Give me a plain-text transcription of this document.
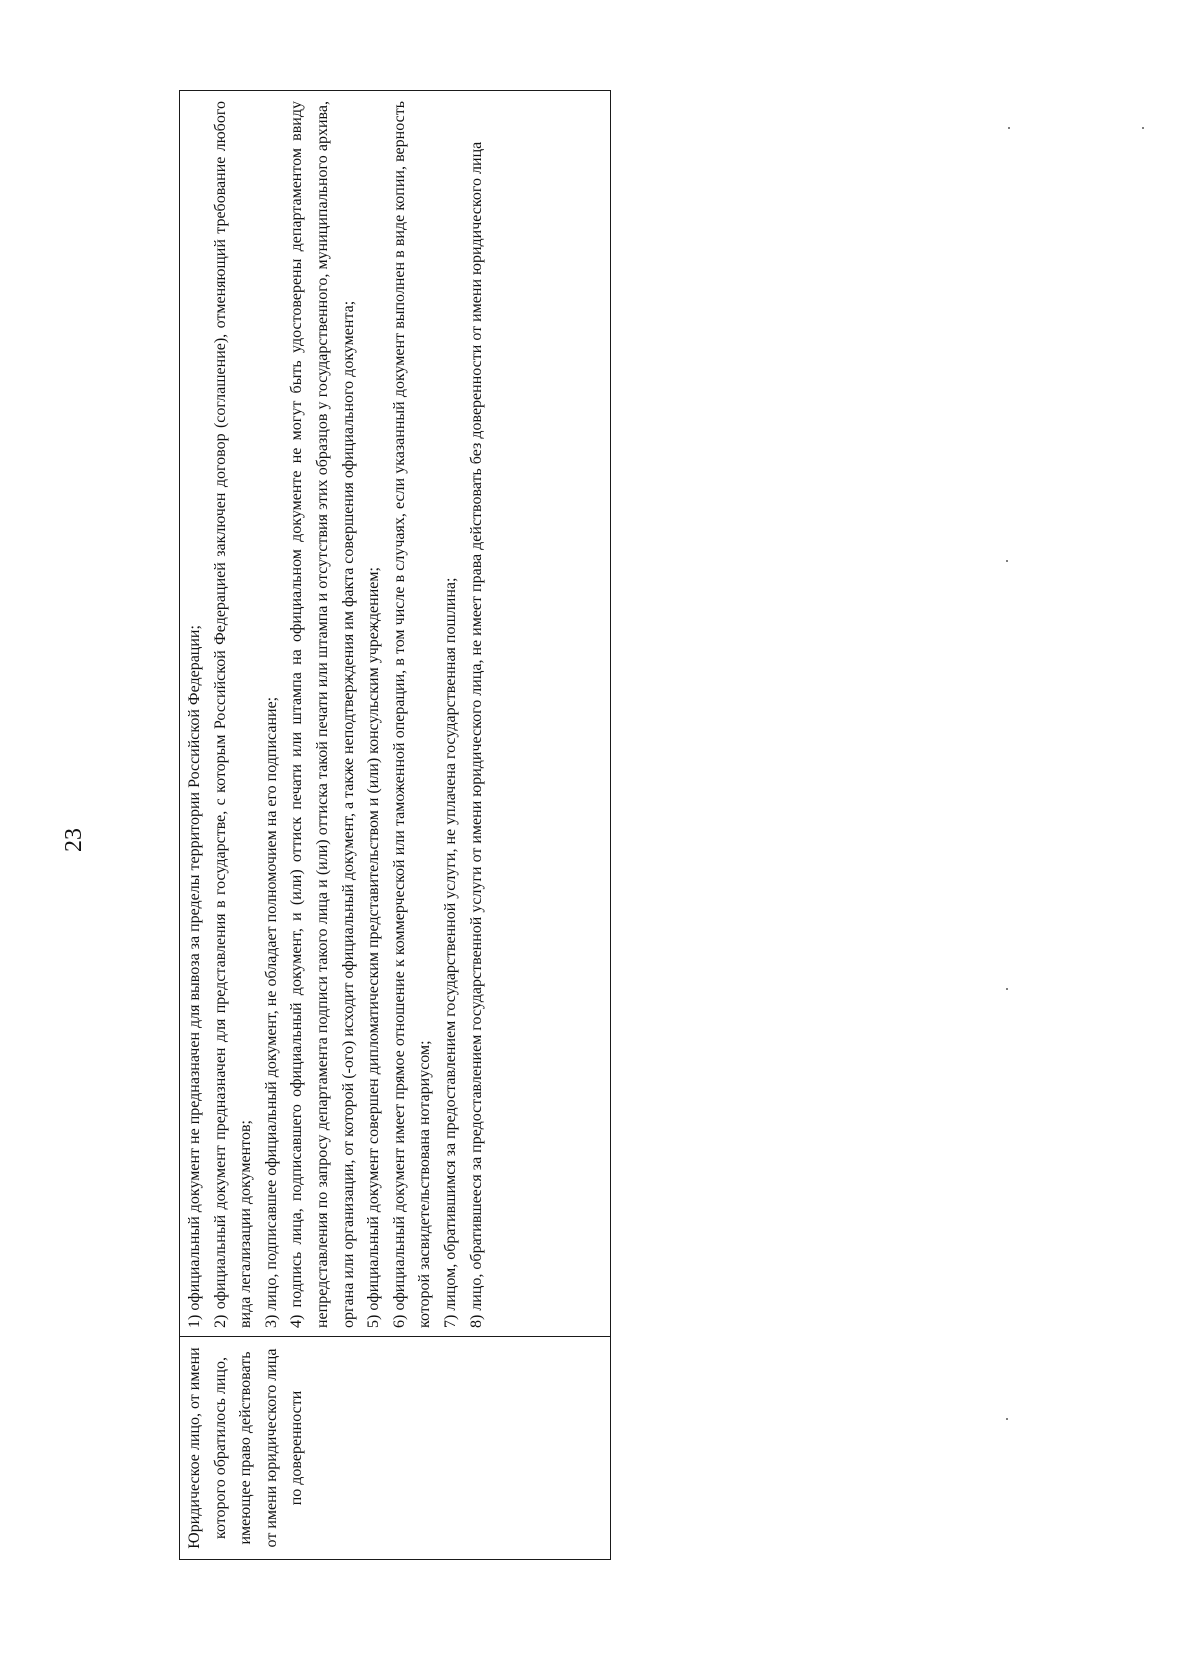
23
Юридическое лицо, от имени которого обратилось лицо, имеющее право действовать от имени юридического лица по доверенности

1) официальный документ не предназначен для вывоза за пределы территории Российской Федерации; 2) официальный документ предназначен для представления в государстве, с которым Российской Федерацией заключен договор (соглашение), отменяющий требование любого вида легализации документов; 3) лицо, подписавшее официальный документ, не обладает полномочием на его подписание; 4) подпись лица, подписавшего официальный документ, и (или) оттиск печати или штампа на официальном документе не могут быть удостоверены департаментом ввиду непредставления по запросу департамента подписи такого лица и (или) оттиска такой печати или штампа и отсутствия этих образцов у государственного, муниципального архива, органа или организации, от которой (-ого) исходит официальный документ, а также неподтверждения им факта совершения официального документа; 5) официальный документ совершен дипломатическим представительством и (или) консульским учреждением; 6) официальный документ имеет прямое отношение к коммерческой или таможенной операции, в том числе в случаях, если указанный документ выполнен в виде копии, верность которой засвидетельствована нотариусом; 7) лицом, обратившимся за предоставлением государственной услуги, не уплачена государственная пошлина; 8) лицо, обратившееся за предоставлением государственной услуги от имени юридического лица, не имеет права действовать без доверенности от имени юридического лица
